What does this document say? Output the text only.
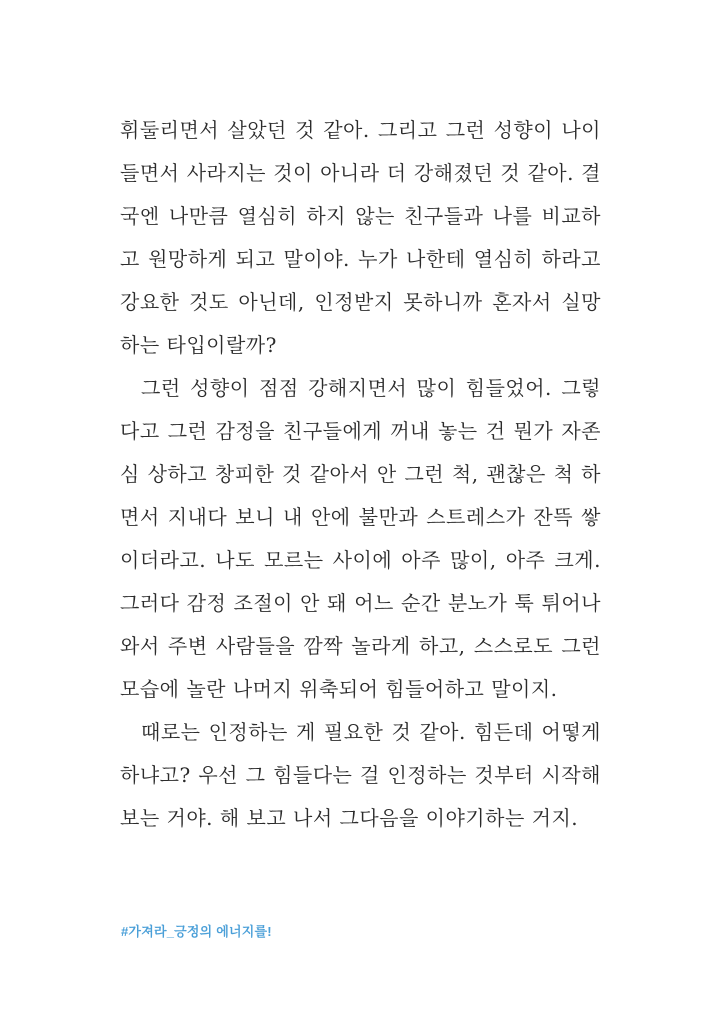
휘둘리면서 살았던 것 같아. 그리고 그런 성향이 나이 들면서 사라지는 것이 아니라 더 강해졌던 것 같아. 결국엔 나만큼 열심히 하지 않는 친구들과 나를 비교하고 원망하게 되고 말이야. 누가 나한테 열심히 하라고 강요한 것도 아닌데, 인정받지 못하니까 혼자서 실망하는 타입이랄까?

그런 성향이 점점 강해지면서 많이 힘들었어. 그렇다고 그런 감정을 친구들에게 꺼내 놓는 건 뭔가 자존심 상하고 창피한 것 같아서 안 그런 척, 괜찮은 척 하면서 지내다 보니 내 안에 불만과 스트레스가 잔뜩 쌓이더라고. 나도 모르는 사이에 아주 많이, 아주 크게. 그러다 감정 조절이 안 돼 어느 순간 분노가 툭 튀어나와서 주변 사람들을 깜짝 놀라게 하고, 스스로도 그런 모습에 놀란 나머지 위축되어 힘들어하고 말이지.

때로는 인정하는 게 필요한 것 같아. 힘든데 어떻게 하냐고? 우선 그 힘들다는 걸 인정하는 것부터 시작해 보는 거야. 해 보고 나서 그다음을 이야기하는 거지.

#가져라_긍정의 에너지를!
